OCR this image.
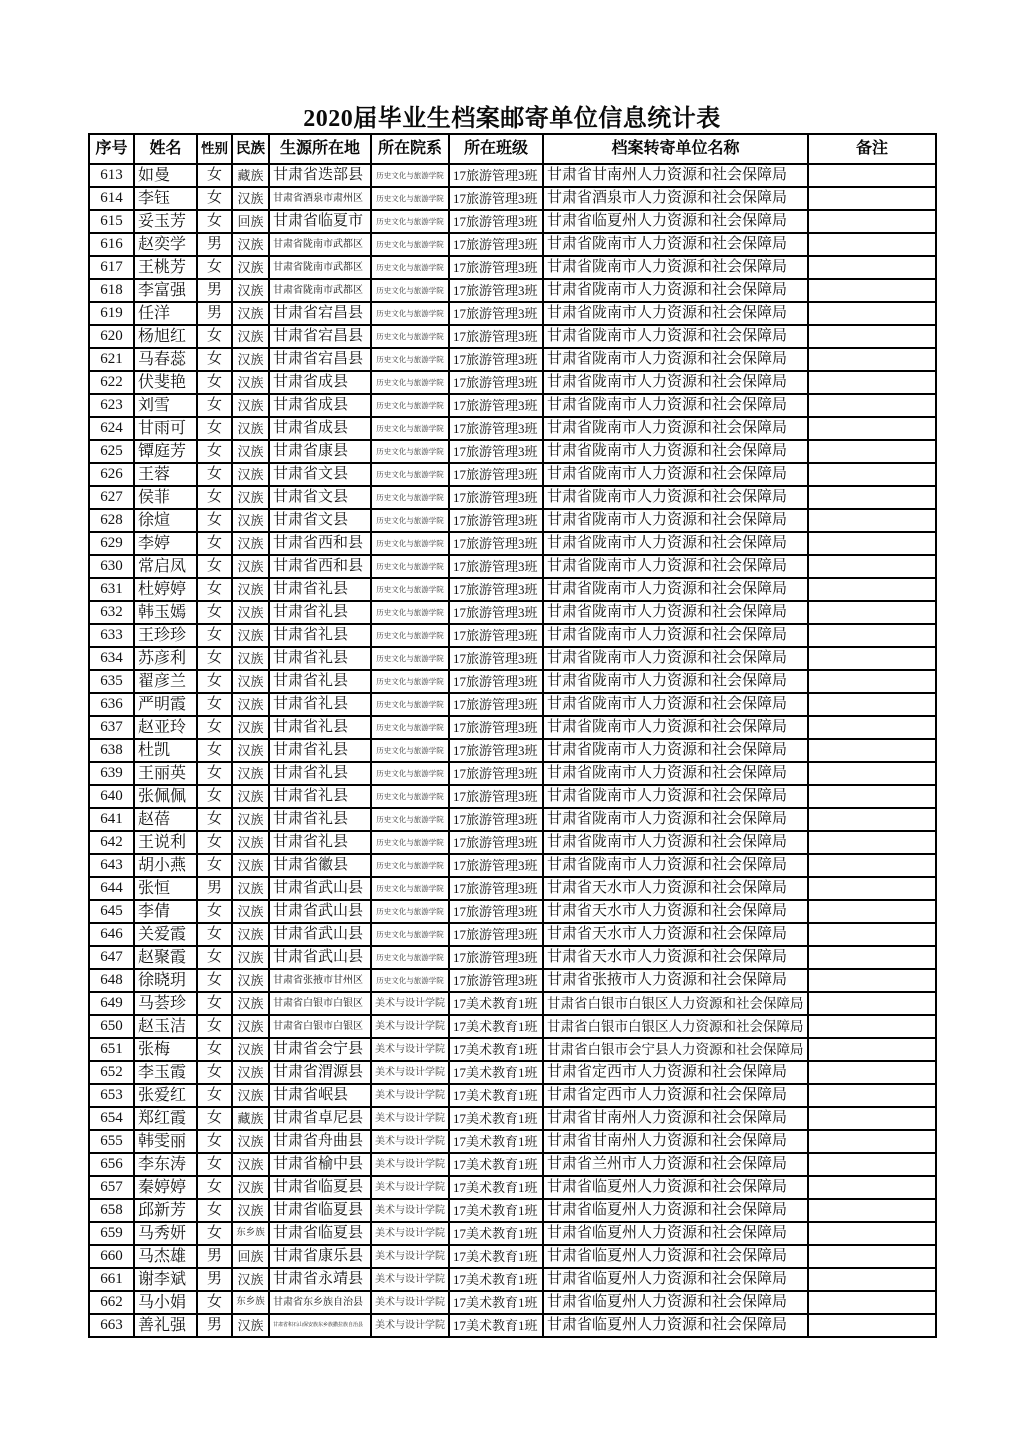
2020届毕业生档案邮寄单位信息统计表
序号	姓名	性别	民族	生源所在地	所在院系	所在班级	档案转寄单位名称	备注
613	如曼	女	藏族	甘肃省迭部县	历史文化与旅游学院	17旅游管理3班	甘肃省甘南州人力资源和社会保障局	
614	李钰	女	汉族	甘肃省酒泉市肃州区	历史文化与旅游学院	17旅游管理3班	甘肃省酒泉市人力资源和社会保障局	
615	妥玉芳	女	回族	甘肃省临夏市	历史文化与旅游学院	17旅游管理3班	甘肃省临夏州人力资源和社会保障局	
616	赵奕学	男	汉族	甘肃省陇南市武都区	历史文化与旅游学院	17旅游管理3班	甘肃省陇南市人力资源和社会保障局	
617	王桃芳	女	汉族	甘肃省陇南市武都区	历史文化与旅游学院	17旅游管理3班	甘肃省陇南市人力资源和社会保障局	
618	李富强	男	汉族	甘肃省陇南市武都区	历史文化与旅游学院	17旅游管理3班	甘肃省陇南市人力资源和社会保障局	
619	任洋	男	汉族	甘肃省宕昌县	历史文化与旅游学院	17旅游管理3班	甘肃省陇南市人力资源和社会保障局	
620	杨旭红	女	汉族	甘肃省宕昌县	历史文化与旅游学院	17旅游管理3班	甘肃省陇南市人力资源和社会保障局	
621	马春蕊	女	汉族	甘肃省宕昌县	历史文化与旅游学院	17旅游管理3班	甘肃省陇南市人力资源和社会保障局	
622	伏斐艳	女	汉族	甘肃省成县	历史文化与旅游学院	17旅游管理3班	甘肃省陇南市人力资源和社会保障局	
623	刘雪	女	汉族	甘肃省成县	历史文化与旅游学院	17旅游管理3班	甘肃省陇南市人力资源和社会保障局	
624	甘雨可	女	汉族	甘肃省成县	历史文化与旅游学院	17旅游管理3班	甘肃省陇南市人力资源和社会保障局	
625	镡庭芳	女	汉族	甘肃省康县	历史文化与旅游学院	17旅游管理3班	甘肃省陇南市人力资源和社会保障局	
626	王蓉	女	汉族	甘肃省文县	历史文化与旅游学院	17旅游管理3班	甘肃省陇南市人力资源和社会保障局	
627	侯菲	女	汉族	甘肃省文县	历史文化与旅游学院	17旅游管理3班	甘肃省陇南市人力资源和社会保障局	
628	徐煊	女	汉族	甘肃省文县	历史文化与旅游学院	17旅游管理3班	甘肃省陇南市人力资源和社会保障局	
629	李婷	女	汉族	甘肃省西和县	历史文化与旅游学院	17旅游管理3班	甘肃省陇南市人力资源和社会保障局	
630	常启凤	女	汉族	甘肃省西和县	历史文化与旅游学院	17旅游管理3班	甘肃省陇南市人力资源和社会保障局	
631	杜婷婷	女	汉族	甘肃省礼县	历史文化与旅游学院	17旅游管理3班	甘肃省陇南市人力资源和社会保障局	
632	韩玉嫣	女	汉族	甘肃省礼县	历史文化与旅游学院	17旅游管理3班	甘肃省陇南市人力资源和社会保障局	
633	王珍珍	女	汉族	甘肃省礼县	历史文化与旅游学院	17旅游管理3班	甘肃省陇南市人力资源和社会保障局	
634	苏彦利	女	汉族	甘肃省礼县	历史文化与旅游学院	17旅游管理3班	甘肃省陇南市人力资源和社会保障局	
635	翟彦兰	女	汉族	甘肃省礼县	历史文化与旅游学院	17旅游管理3班	甘肃省陇南市人力资源和社会保障局	
636	严明霞	女	汉族	甘肃省礼县	历史文化与旅游学院	17旅游管理3班	甘肃省陇南市人力资源和社会保障局	
637	赵亚玲	女	汉族	甘肃省礼县	历史文化与旅游学院	17旅游管理3班	甘肃省陇南市人力资源和社会保障局	
638	杜凯	女	汉族	甘肃省礼县	历史文化与旅游学院	17旅游管理3班	甘肃省陇南市人力资源和社会保障局	
639	王丽英	女	汉族	甘肃省礼县	历史文化与旅游学院	17旅游管理3班	甘肃省陇南市人力资源和社会保障局	
640	张佩佩	女	汉族	甘肃省礼县	历史文化与旅游学院	17旅游管理3班	甘肃省陇南市人力资源和社会保障局	
641	赵蓓	女	汉族	甘肃省礼县	历史文化与旅游学院	17旅游管理3班	甘肃省陇南市人力资源和社会保障局	
642	王说利	女	汉族	甘肃省礼县	历史文化与旅游学院	17旅游管理3班	甘肃省陇南市人力资源和社会保障局	
643	胡小燕	女	汉族	甘肃省徽县	历史文化与旅游学院	17旅游管理3班	甘肃省陇南市人力资源和社会保障局	
644	张恒	男	汉族	甘肃省武山县	历史文化与旅游学院	17旅游管理3班	甘肃省天水市人力资源和社会保障局	
645	李倩	女	汉族	甘肃省武山县	历史文化与旅游学院	17旅游管理3班	甘肃省天水市人力资源和社会保障局	
646	关爱霞	女	汉族	甘肃省武山县	历史文化与旅游学院	17旅游管理3班	甘肃省天水市人力资源和社会保障局	
647	赵聚霞	女	汉族	甘肃省武山县	历史文化与旅游学院	17旅游管理3班	甘肃省天水市人力资源和社会保障局	
648	徐晓玥	女	汉族	甘肃省张掖市甘州区	历史文化与旅游学院	17旅游管理3班	甘肃省张掖市人力资源和社会保障局	
649	马荟珍	女	汉族	甘肃省白银市白银区	美术与设计学院	17美术教育1班	甘肃省白银市白银区人力资源和社会保障局	
650	赵玉洁	女	汉族	甘肃省白银市白银区	美术与设计学院	17美术教育1班	甘肃省白银市白银区人力资源和社会保障局	
651	张梅	女	汉族	甘肃省会宁县	美术与设计学院	17美术教育1班	甘肃省白银市会宁县人力资源和社会保障局	
652	李玉霞	女	汉族	甘肃省渭源县	美术与设计学院	17美术教育1班	甘肃省定西市人力资源和社会保障局	
653	张爱红	女	汉族	甘肃省岷县	美术与设计学院	17美术教育1班	甘肃省定西市人力资源和社会保障局	
654	郑红霞	女	藏族	甘肃省卓尼县	美术与设计学院	17美术教育1班	甘肃省甘南州人力资源和社会保障局	
655	韩雯丽	女	汉族	甘肃省舟曲县	美术与设计学院	17美术教育1班	甘肃省甘南州人力资源和社会保障局	
656	李东涛	女	汉族	甘肃省榆中县	美术与设计学院	17美术教育1班	甘肃省兰州市人力资源和社会保障局	
657	秦婷婷	女	汉族	甘肃省临夏县	美术与设计学院	17美术教育1班	甘肃省临夏州人力资源和社会保障局	
658	邱新芳	女	汉族	甘肃省临夏县	美术与设计学院	17美术教育1班	甘肃省临夏州人力资源和社会保障局	
659	马秀妍	女	东乡族	甘肃省临夏县	美术与设计学院	17美术教育1班	甘肃省临夏州人力资源和社会保障局	
660	马杰雄	男	回族	甘肃省康乐县	美术与设计学院	17美术教育1班	甘肃省临夏州人力资源和社会保障局	
661	谢李斌	男	汉族	甘肃省永靖县	美术与设计学院	17美术教育1班	甘肃省临夏州人力资源和社会保障局	
662	马小娟	女	东乡族	甘肃省东乡族自治县	美术与设计学院	17美术教育1班	甘肃省临夏州人力资源和社会保障局	
663	善礼强	男	汉族	甘肃省积石山保安族东乡族撒拉族自治县	美术与设计学院	17美术教育1班	甘肃省临夏州人力资源和社会保障局	
